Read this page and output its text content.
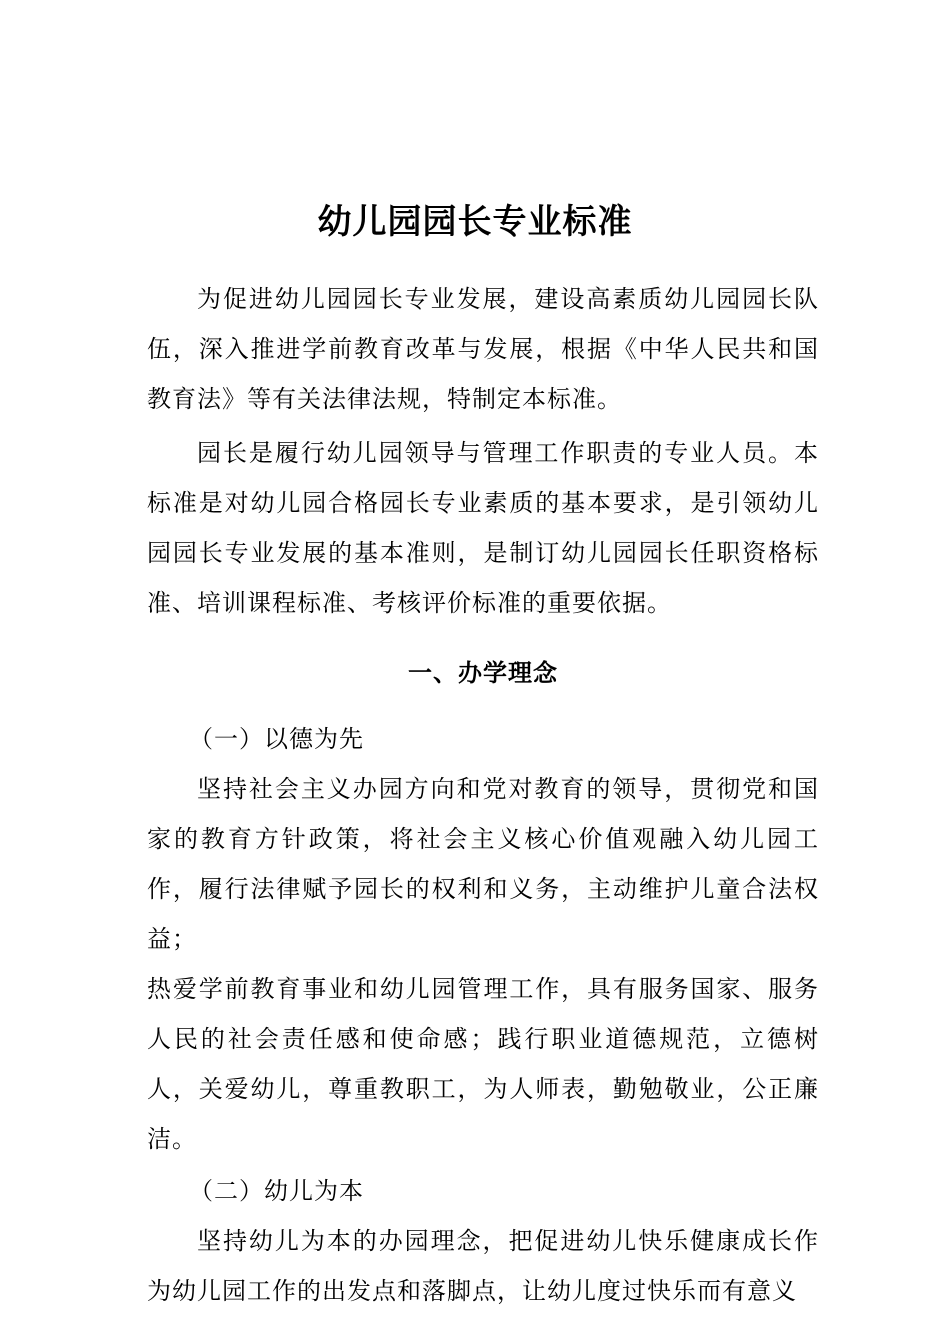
幼儿园园长专业标准

为促进幼儿园园长专业发展，建设高素质幼儿园园长队伍，深入推进学前教育改革与发展，根据《中华人民共和国教育法》等有关法律法规，特制定本标准。

园长是履行幼儿园领导与管理工作职责的专业人员。本标准是对幼儿园合格园长专业素质的基本要求，是引领幼儿园园长专业发展的基本准则，是制订幼儿园园长任职资格标准、培训课程标准、考核评价标准的重要依据。

一、办学理念

（一）以德为先

坚持社会主义办园方向和党对教育的领导，贯彻党和国家的教育方针政策，将社会主义核心价值观融入幼儿园工作，履行法律赋予园长的权利和义务，主动维护儿童合法权益；

热爱学前教育事业和幼儿园管理工作，具有服务国家、服务人民的社会责任感和使命感；践行职业道德规范，立德树人，关爱幼儿，尊重教职工，为人师表，勤勉敬业，公正廉洁。

（二）幼儿为本

坚持幼儿为本的办园理念，把促进幼儿快乐健康成长作为幼儿园工作的出发点和落脚点，让幼儿度过快乐而有意义
